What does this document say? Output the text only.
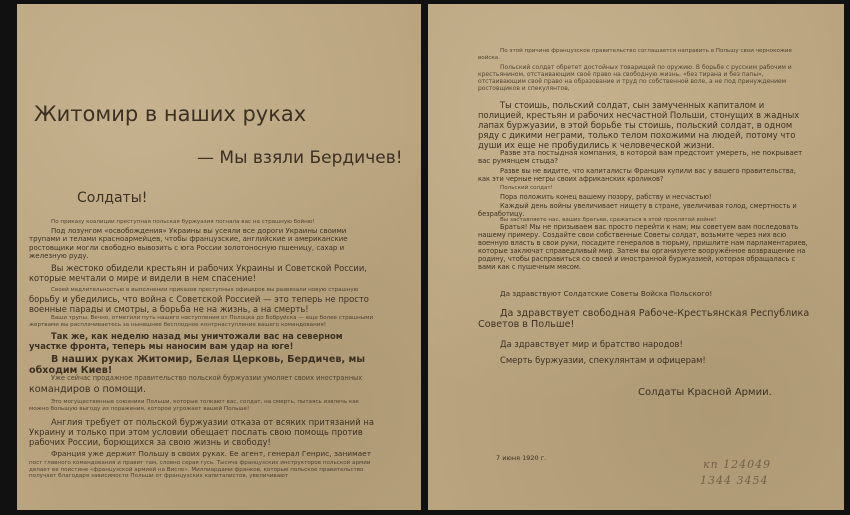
Житомир в наших руках
— Мы взяли Бердичев!
Солдаты!
По приказу коалиции преступная польская буржуазия погнала вас на страшную бойню!
Под лозунгом «освобождения» Украины вы усеяли все дороги Украины своими трупами и телами красноармейцев, чтобы французские, английские и американские ростовщики могли свободно вывозить с юга России золотоносную пшеницу, сахар и железную руду.
Вы жестоко обидели крестьян и рабочих Украины и Советской России, которые мечтали о мире и видели в нем спасение!
Своей медлительностью в выполнении приказов преступных офицеров вы развязали новую страшную
борьбу и убедились, что война с Советской Россией — это теперь не просто военные парады и смотры, а борьба не на жизнь, а на смерть!
Ваши трупы. Вечно, отметили путь нашего наступления от Полоцка до Бобруйска — еще более страшными жертвами вы расплачиваетесь за нынешнее бесплодное контрнаступление вашего командования!
Так же, как неделю назад мы уничтожали вас на северном участке фронта, теперь мы наносим вам удар на юге!
В наших руках Житомир, Белая Церковь, Бердичев, мы обходим Киев!
Уже сейчас продажное правительство польской буржуазии умоляет своих иностранных
командиров о помощи.
Это могущественные союзники Польши, которые толкают вас, солдат, на смерть, пытаясь извлечь как можно большую выгоду из поражения, которое угрожает вашей Польше!
Англия требует от польской буржуазии отказа от всяких притязаний на Украину и только при этом условии обещает послать свою помощь против рабочих России, борющихся за свою жизнь и свободу!
Франция уже держит Польшу в своих руках. Ее агент, генерал Генрис, занимает
пост главного командования и правит там, словно серая гусь. Тысяча французских инструкторов польской армии делает ее поистине «французской армией на Висле». Миллиардами франков, которые польское правительство получает благодаря зависимости Польши от французских капиталистов, увеличивают
По этой причине французское правительство соглашается направить в Польшу свои чернокожие войска.
Польский солдат обретет достойных товарищей по оружию. В борьбе с русским рабочим и крестьянином, отстаивающим своё право на свободную жизнь, «без тирана и без папы», отстаивающим своё право на образование и труд по собственной воле, а не под принуждением ростовщиков и спекулянтов,
Ты стоишь, польский солдат, сын замученных капиталом и полицией, крестьян и рабочих несчастной Польши, стонущих в жадных лапах буржуазии, в этой борьбе ты стоишь, польский солдат, в одном ряду с дикими неграми, только телом похожими на людей, потому что души их еще не пробудились к человеческой жизни.
Разве эта постыдная компания, в которой вам предстоит умереть, не покрывает вас румянцем стыда?
Разве вы не видите, что капиталисты Франции купили вас у вашего правительства, как эти черные негры своих африканских кроликов?
Польский солдат!
Пора положить конец вашему позору, рабству и несчастью!
Каждый день войны увеличивает нищету в стране, увеличивая голод, смертность и безработицу.
Вы заставляете нас, ваших братьев, сражаться в этой проклятой войне!
Братья! Мы не призываем вас просто перейти к нам; мы советуем вам последовать нашему примеру. Создайте свои собственные Советы солдат, возьмите через них всю военную власть в свои руки, посадите генералов в тюрьму, пришлите нам парламентариев, которые заключат справедливый мир. Затем вы организуете вооружённое возвращение на родину, чтобы расправиться со своей и иностранной буржуазией, которая обращалась с вами как с пушечным мясом.
Да здравствуют Солдатские Советы Войска Польского!
Да здравствует свободная Рабоче-Крестьянская Республика Советов в Польше!
Да здравствует мир и братство народов!
Смерть буржуазии, спекулянтам и офицерам!
Солдаты Красной Армии.
7 июня 1920 г.	кп 124049
1344 3454
